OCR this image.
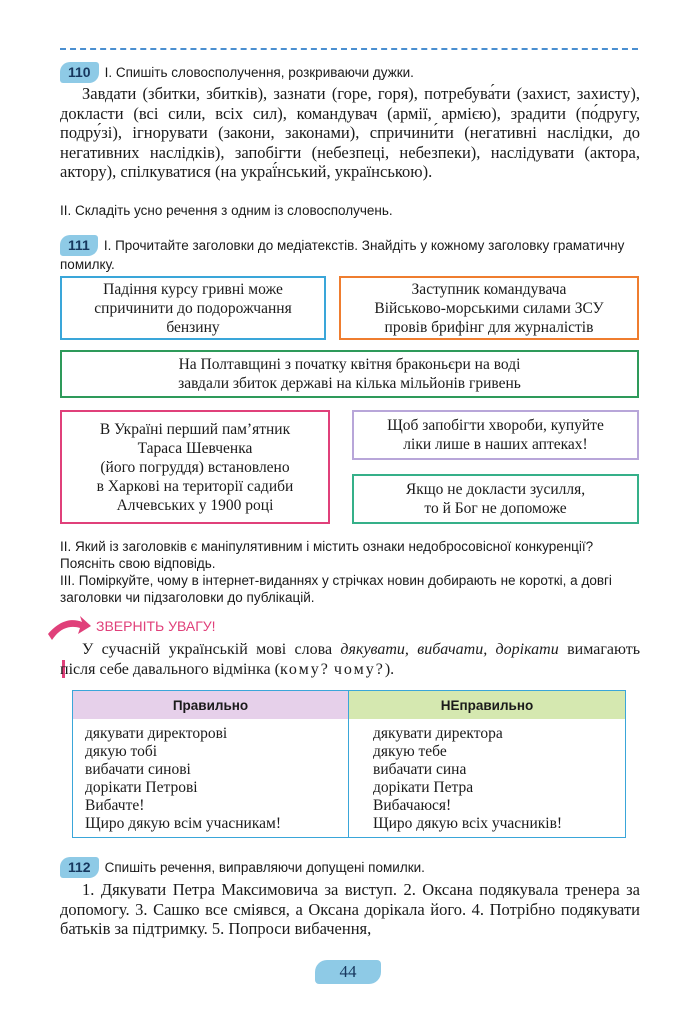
110 I. Спишіть словосполучення, розкриваючи дужки.
Завдати (збитки, збитків), зазнати (горе, горя), потребува́ти (захист, захисту), докласти (всі сили, всіх сил), командувач (армії, армією), зрадити (по́другу, подру́зі), ігнорувати (закони, законами), спричини́ти (негативні наслідки, до негативних наслідків), запобігти (небезпеці, небезпеки), наслідувати (актора, актору), спілкуватися (на украї́нський, українською).
II. Складіть усно речення з одним із словосполучень.
111 I. Прочитайте заголовки до медіатекстів. Знайдіть у кожному заголовку граматичну помилку.
Падіння курсу гривні може
спричинити до подорожчання
бензину
Заступник командувача
Військово-морськими силами ЗСУ
провів брифінг для журналістів
На Полтавщині з початку квітня браконьєри на воді
завдали збиток державі на кілька мільйонів гривень
В Україні перший пам’ятник
Тараса Шевченка
(його погруддя) встановлено
в Харкові на території садиби
Алчевських у 1900 році
Щоб запобігти хвороби, купуйте
ліки лише в наших аптеках!
Якщо не докласти зусилля,
то й Бог не допоможе
II. Який із заголовків є маніпулятивним і містить ознаки недобросовісної конкуренції? Поясніть свою відповідь.
III. Поміркуйте, чому в інтернет-виданнях у стрічках новин добирають не короткі, а довгі заголовки чи підзаголовки до публікацій.
ЗВЕРНІТЬ УВАГУ!
У сучасній українській мові слова дякувати, вибачати, дорікати вимагають після себе давального відмінка (кому? чому?).
Правильно
дякувати директорові
дякую тобі
вибачати синові
дорікати Петрові
Вибачте!
Щиро дякую всім учасникам!
НЕправильно
дякувати директора
дякую тебе
вибачати сина
дорікати Петра
Вибачаюся!
Щиро дякую всіх учасників!
112 Спишіть речення, виправляючи допущені помилки.
1. Дякувати Петра Максимовича за виступ. 2. Оксана подякувала тренера за допомогу. 3. Сашко все сміявся, а Оксана дорікала його. 4. Потрібно подякувати батьків за підтримку. 5. Попроси вибачення,
44
